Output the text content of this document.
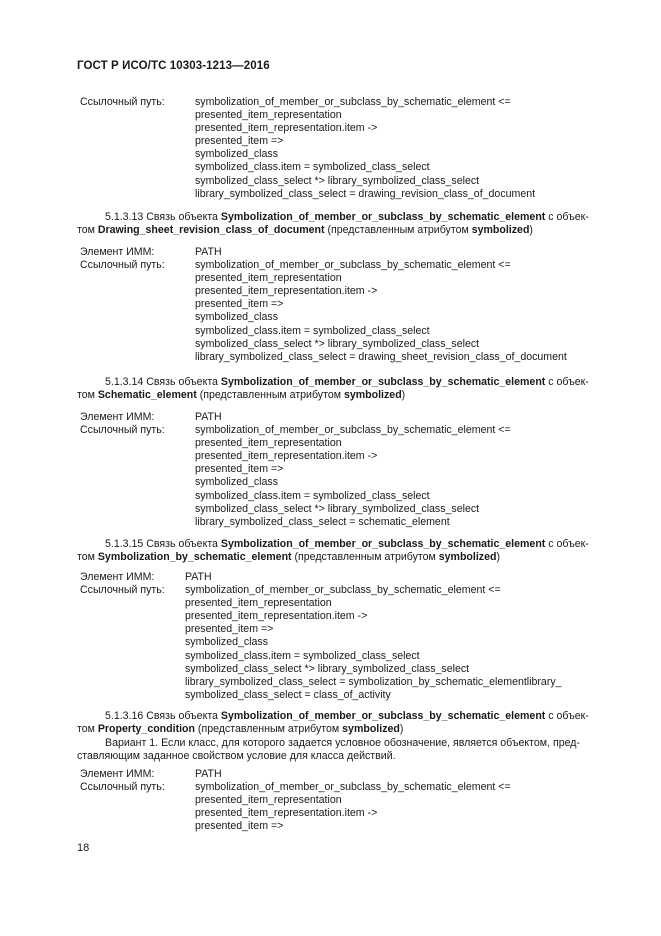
ГОСТ Р ИСО/ТС 10303-1213—2016
Ссылочный путь:	symbolization_of_member_or_subclass_by_schematic_element <=
presented_item_representation
presented_item_representation.item ->
presented_item =>
symbolized_class
symbolized_class.item = symbolized_class_select
symbolized_class_select *> library_symbolized_class_select
library_symbolized_class_select = drawing_revision_class_of_document
5.1.3.13 Связь объекта Symbolization_of_member_or_subclass_by_schematic_element с объек-
том Drawing_sheet_revision_class_of_document (представленным атрибутом symbolized)
Элемент ИММ:	PATH
Ссылочный путь:	symbolization_of_member_or_subclass_by_schematic_element <=
presented_item_representation
presented_item_representation.item ->
presented_item =>
symbolized_class
symbolized_class.item = symbolized_class_select
symbolized_class_select *> library_symbolized_class_select
library_symbolized_class_select = drawing_sheet_revision_class_of_document
5.1.3.14 Связь объекта Symbolization_of_member_or_subclass_by_schematic_element с объек-
том Schematic_element (представленным атрибутом symbolized)
Элемент ИММ:	PATH
Ссылочный путь:	symbolization_of_member_or_subclass_by_schematic_element <=
presented_item_representation
presented_item_representation.item ->
presented_item =>
symbolized_class
symbolized_class.item = symbolized_class_select
symbolized_class_select *> library_symbolized_class_select
library_symbolized_class_select = schematic_element
5.1.3.15 Связь объекта Symbolization_of_member_or_subclass_by_schematic_element с объек-
том Symbolization_by_schematic_element (представленным атрибутом symbolized)
Элемент ИММ:	PATH
Ссылочный путь: symbolization_of_member_or_subclass_by_schematic_element <=
presented_item_representation
presented_item_representation.item ->
presented_item =>
symbolized_class
symbolized_class.item = symbolized_class_select
symbolized_class_select *> library_symbolized_class_select
library_symbolized_class_select = symbolization_by_schematic_elementlibrary_
symbolized_class_select = class_of_activity
5.1.3.16 Связь объекта Symbolization_of_member_or_subclass_by_schematic_element с объек-
том Property_condition (представленным атрибутом symbolized)
Вариант 1. Если класс, для которого задается условное обозначение, является объектом, пред-
ставляющим заданное свойством условие для класса действий.
Элемент ИММ:	PATH
Ссылочный путь:	symbolization_of_member_or_subclass_by_schematic_element <=
presented_item_representation
presented_item_representation.item ->
presented_item =>
18
